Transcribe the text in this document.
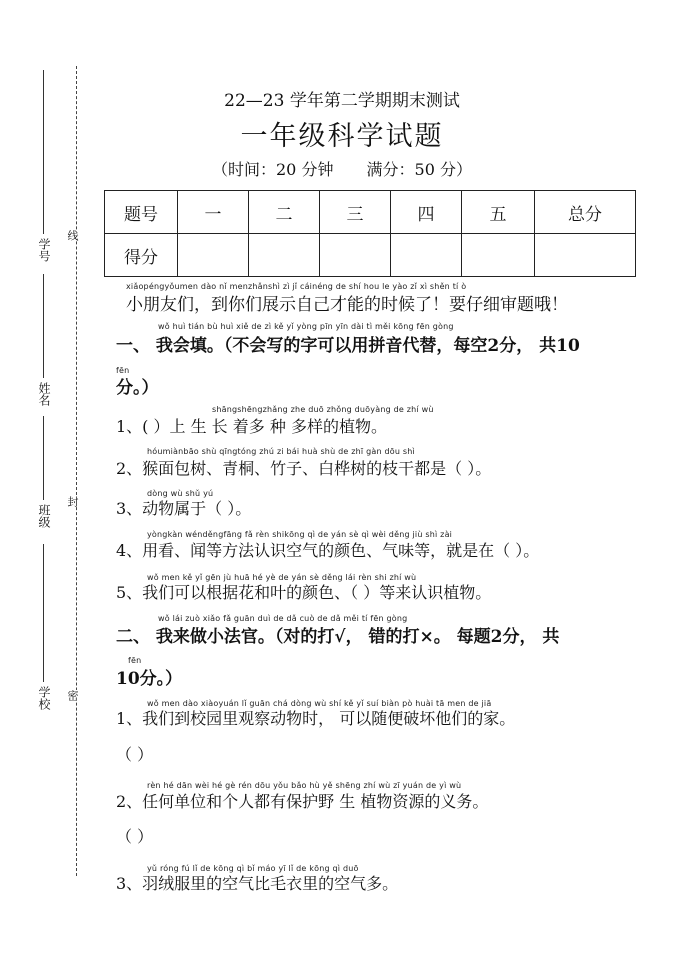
学号
姓名
班级
学校
线
封
密
22—23 学年第二学期期末测试
一年级科学试题
（时间：20 分钟 满分：50 分）
题号	一	二	三	四	五	总分
得分						
xiǎopéngyǒumen dào nǐ menzhǎnshì zì jǐ cáinéng de shí hou le yào zǐ xì shěn tí ò
小朋友们，到你们展示自己才能的时候了！要仔细审题哦！
wǒ huì tián bù huì xiě de zì kě yǐ yòng pīn yīn dài tì měi kōng fēn gòng
一、 我会填。（不会写的字可以用拼音代替，每空2分， 共10
fēn
分。）
shāngshēngzhǎng zhe duō zhǒng duōyàng de zhí wù
1、( ）上 生 长 着多 种 多样的植物。
hóumiànbāo shù qīngtóng zhú zi bái huà shù de zhī gàn dōu shì
2、猴面包树、青桐、竹子、白桦树的枝干都是（ ）。
dòng wù shǔ yú
3、动物属于（ ）。
yòngkàn wénděngfāng fǎ rèn shikōng qì de yán sè qì wèi děng jiù shì zài
4、用看、闻等方法认识空气的颜色、气味等，就是在（ ）。
wǒ men kě yǐ gēn jù huā hé yè de yán sè děng lái rèn shi zhí wù
5、我们可以根据花和叶的颜色、（ ）等来认识植物。
wǒ lái zuò xiǎo fǎ guān duì de dǎ cuò de dǎ měi tí fēn gòng
二、 我来做小法官。（对的打√， 错的打×。 每题2分， 共
fēn
10分。）
wǒ men dào xiàoyuán lǐ guān chá dòng wù shí kě yǐ suí biàn pò huài tā men de jiā
1、我们到校园里观察动物时， 可以随便破坏他们的家。
（ ）
rèn hé dān wèi hé gè rén dōu yǒu bǎo hù yě shēng zhí wù zī yuán de yì wù
2、任何单位和个人都有保护野 生 植物资源的义务。
（ ）
yǔ róng fú lǐ de kōng qì bǐ máo yī lǐ de kōng qì duō
3、羽绒服里的空气比毛衣里的空气多。
